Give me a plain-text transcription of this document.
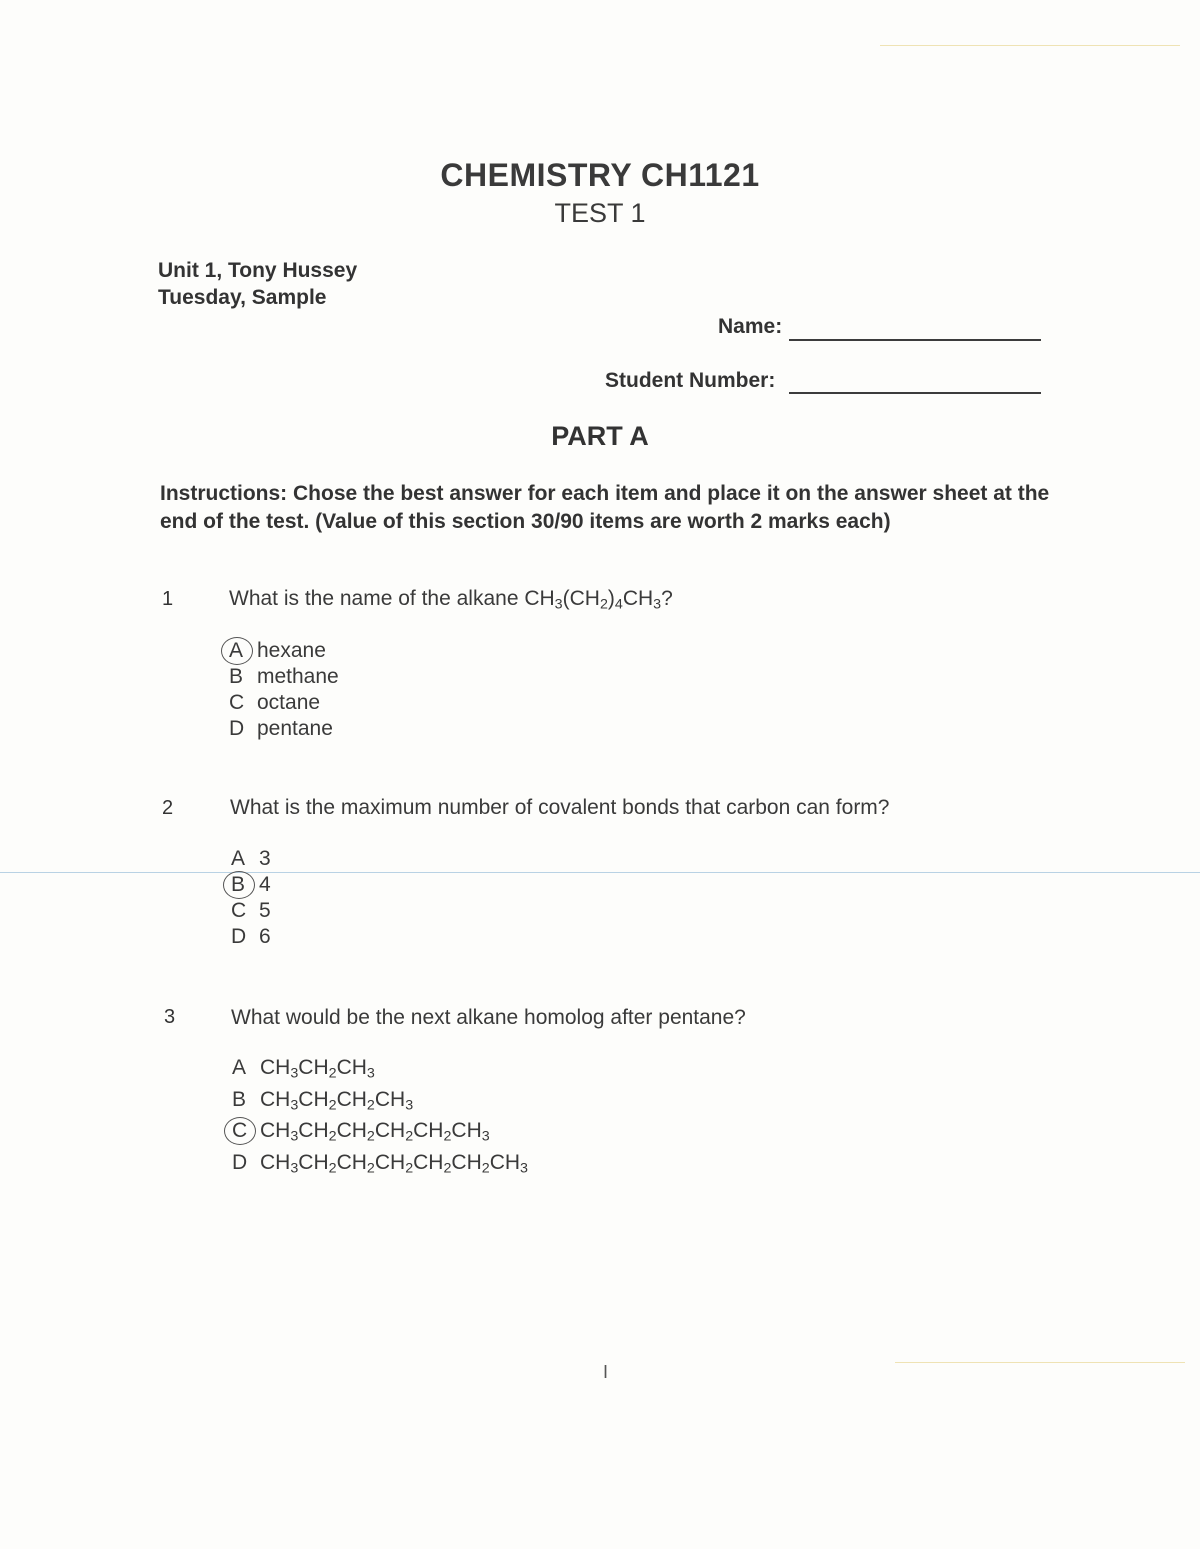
CHEMISTRY CH1121
TEST 1
Unit 1, Tony Hussey
Tuesday, Sample
Name:
Student Number:
PART A
Instructions: Chose the best answer for each item and place it on the answer sheet at the end of the test. (Value of this section 30/90 items are worth 2 marks each)
1	What is the name of the alkane $CH_3(CH_2)_4CH_3$?
A hexane
B methane
C octane
D pentane
2	What is the maximum number of covalent bonds that carbon can form?
A 3
B 4
C 5
D 6
3	What would be the next alkane homolog after pentane?
A $CH_3CH_2CH_3$
B $CH_3CH_2CH_2CH_3$
C $CH_3CH_2CH_2CH_2CH_2CH_3$
D $CH_3CH_2CH_2CH_2CH_2CH_2CH_3$
I
